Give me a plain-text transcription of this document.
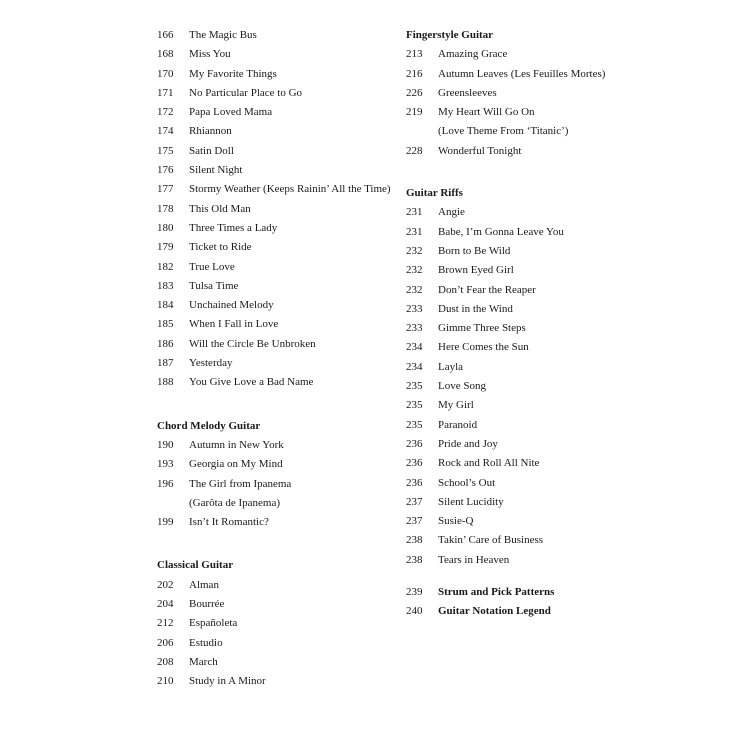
166	The Magic Bus
168	Miss You
170	My Favorite Things
171	No Particular Place to Go
172	Papa Loved Mama
174	Rhiannon
175	Satin Doll
176	Silent Night
177	Stormy Weather (Keeps Rainin’ All the Time)
178	This Old Man
180	Three Times a Lady
179	Ticket to Ride
182	True Love
183	Tulsa Time
184	Unchained Melody
185	When I Fall in Love
186	Will the Circle Be Unbroken
187	Yesterday
188	You Give Love a Bad Name
Chord Melody Guitar
190	Autumn in New York
193	Georgia on My Mind
196	The Girl from Ipanema
(Garôta de Ipanema)
199	Isn’t It Romantic?
Classical Guitar
202	Alman
204	Bourrée
212	Españoleta
206	Estudio
208	March
210	Study in A Minor
Fingerstyle Guitar
213	Amazing Grace
216	Autumn Leaves (Les Feuilles Mortes)
226	Greensleeves
219	My Heart Will Go On
(Love Theme From ‘Titanic’)
228	Wonderful Tonight
Guitar Riffs
231	Angie
231	Babe, I’m Gonna Leave You
232	Born to Be Wild
232	Brown Eyed Girl
232	Don’t Fear the Reaper
233	Dust in the Wind
233	Gimme Three Steps
234	Here Comes the Sun
234	Layla
235	Love Song
235	My Girl
235	Paranoid
236	Pride and Joy
236	Rock and Roll All Nite
236	School’s Out
237	Silent Lucidity
237	Susie-Q
238	Takin’ Care of Business
238	Tears in Heaven
239	Strum and Pick Patterns
240	Guitar Notation Legend
